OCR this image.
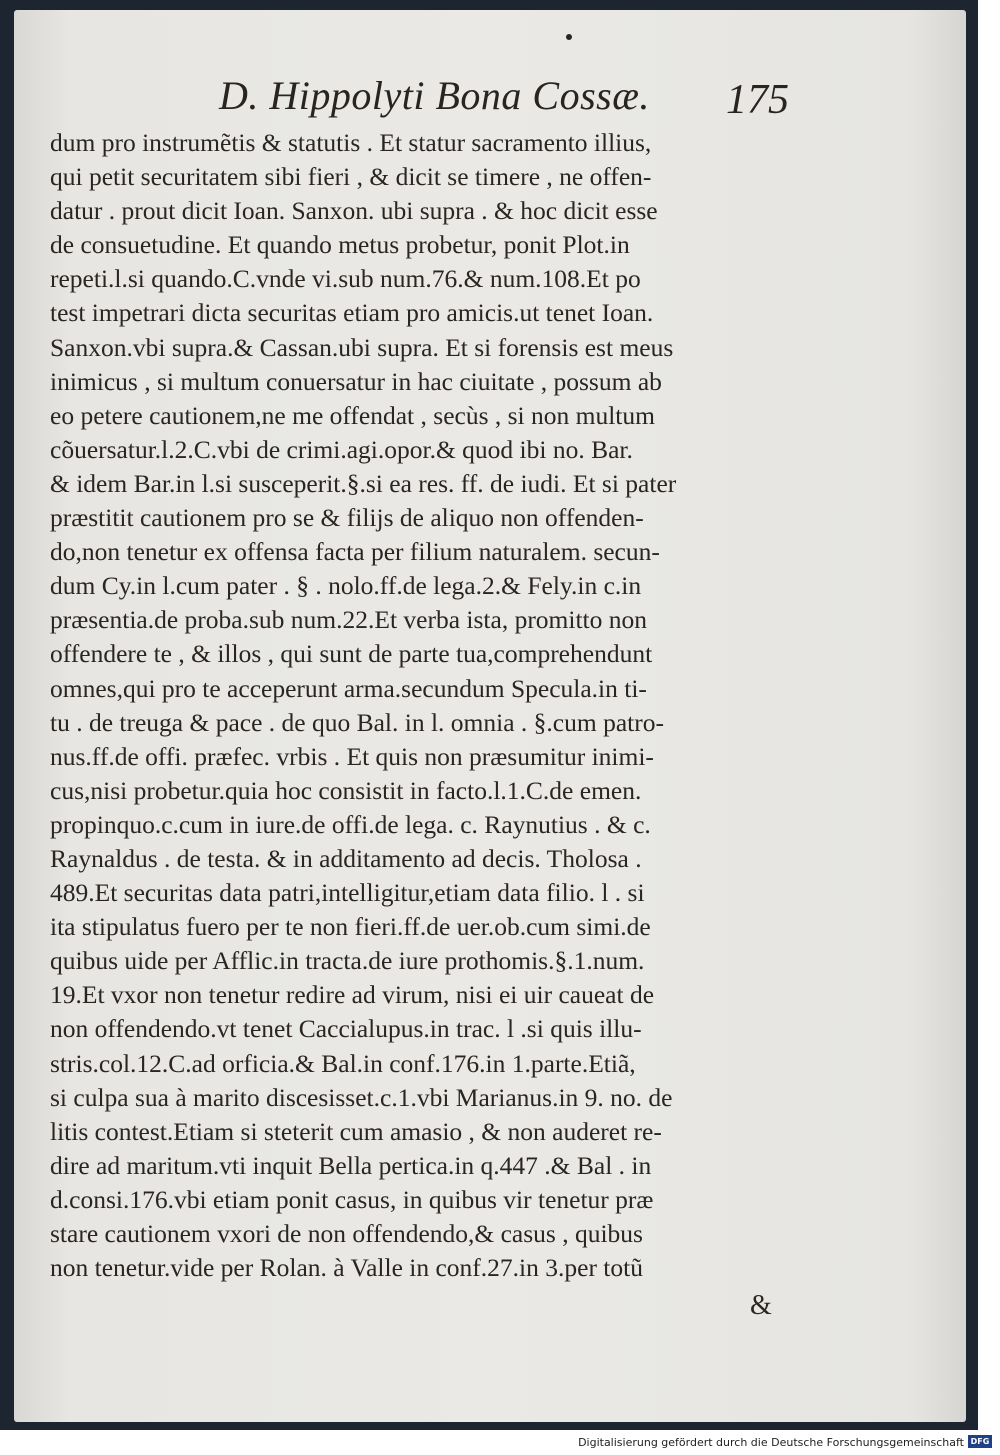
D. Hippolyti Bona Cossæ. 175
dum pro instrumẽtis & statutis . Et statur sacramento illius,
qui petit securitatem sibi fieri , & dicit se timere , ne offen-
datur . prout dicit Ioan. Sanxon. ubi supra . & hoc dicit esse
de consuetudine. Et quando metus probetur, ponit Plot.in
repeti.l.si quando.C.vnde vi.sub num.76.& num.108.Et po
test impetrari dicta securitas etiam pro amicis.ut tenet Ioan.
Sanxon.vbi supra.& Cassan.ubi supra. Et si forensis est meus
inimicus , si multum conuersatur in hac ciuitate , possum ab
eo petere cautionem,ne me offendat , secùs , si non multum
cõuersatur.l.2.C.vbi de crimi.agi.opor.& quod ibi no. Bar.
& idem Bar.in l.si susceperit.§.si ea res. ff. de iudi. Et si pater
præstitit cautionem pro se & filijs de aliquo non offenden-
do,non tenetur ex offensa facta per filium naturalem. secun-
dum Cy.in l.cum pater . § . nolo.ff.de lega.2.& Fely.in c.in
præsentia.de proba.sub num.22.Et verba ista, promitto non
offendere te , & illos , qui sunt de parte tua,comprehendunt
omnes,qui pro te acceperunt arma.secundum Specula.in ti-
tu . de treuga & pace . de quo Bal. in l. omnia . §.cum patro-
nus.ff.de offi. præfec. vrbis . Et quis non præsumitur inimi-
cus,nisi probetur.quia hoc consistit in facto.l.1.C.de emen.
propinquo.c.cum in iure.de offi.de lega. c. Raynutius . & c.
Raynaldus . de testa. & in additamento ad decis. Tholosa .
489.Et securitas data patri,intelligitur,etiam data filio. l . si
ita stipulatus fuero per te non fieri.ff.de uer.ob.cum simi.de
quibus uide per Afflic.in tracta.de iure prothomis.§.1.num.
19.Et vxor non tenetur redire ad virum, nisi ei uir caueat de
non offendendo.vt tenet Caccialupus.in trac. l .si quis illu-
stris.col.12.C.ad orficia.& Bal.in conf.176.in 1.parte.Etiã,
si culpa sua à marito discesisset.c.1.vbi Marianus.in 9. no. de
litis contest.Etiam si steterit cum amasio , & non auderet re-
dire ad maritum.vti inquit Bella pertica.in q.447 .& Bal . in
d.consi.176.vbi etiam ponit casus, in quibus vir tenetur præ
stare cautionem vxori de non offendendo,& casus , quibus
non tenetur.vide per Rolan. à Valle in conf.27.in 3.per totũ
&
Digitalisierung gefördert durch die Deutsche Forschungsgemeinschaft DFG
